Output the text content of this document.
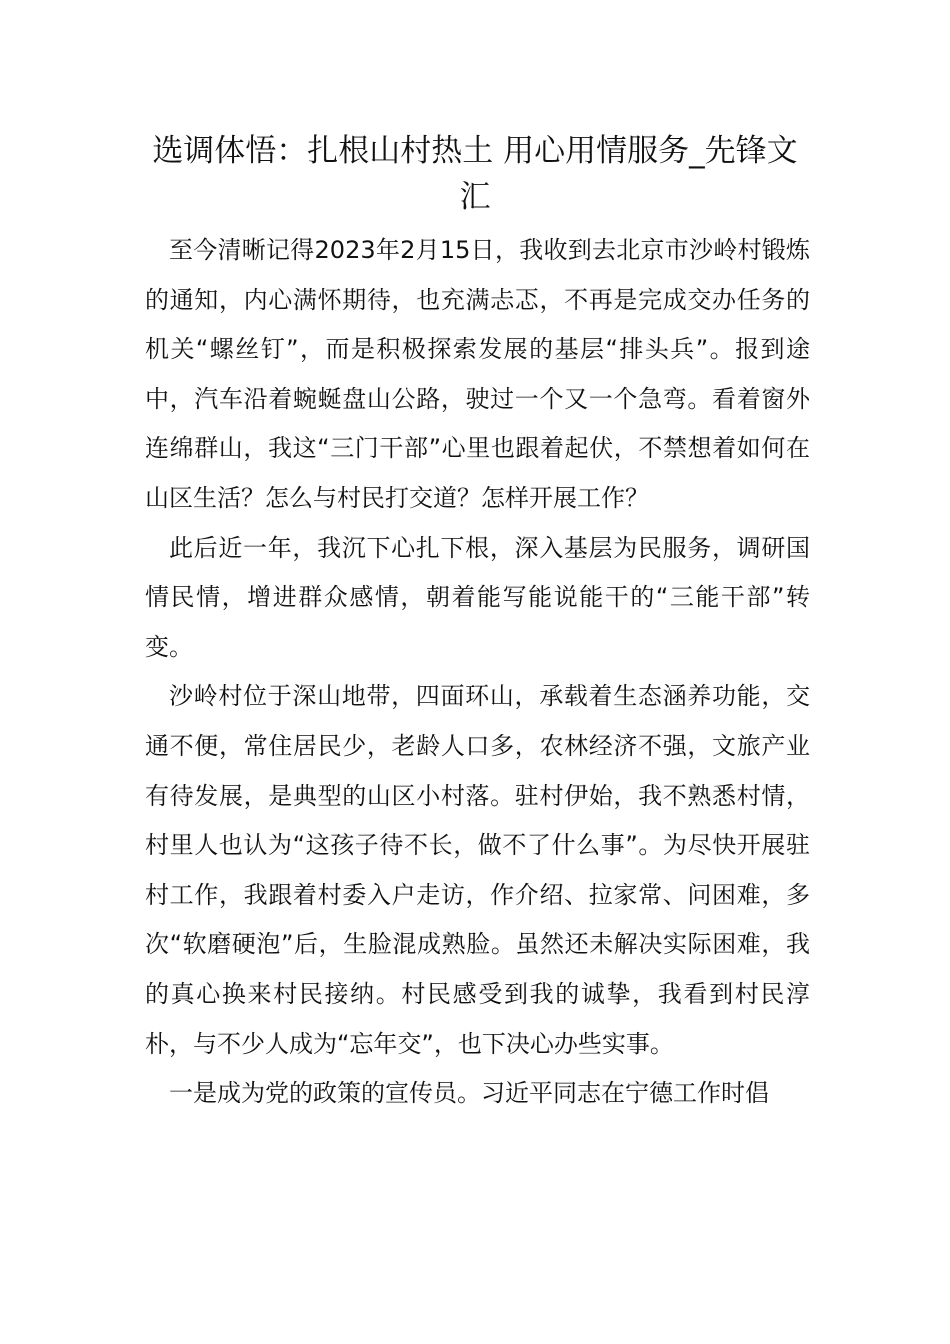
选调体悟：扎根山村热土 用心用情服务_先锋文汇

至今清晰记得2023年2月15日，我收到去北京市沙岭村锻炼的通知，内心满怀期待，也充满忐忑，不再是完成交办任务的机关“螺丝钉”，而是积极探索发展的基层“排头兵”。报到途中，汽车沿着蜿蜒盘山公路，驶过一个又一个急弯。看着窗外连绵群山，我这“三门干部”心里也跟着起伏，不禁想着如何在山区生活？怎么与村民打交道？怎样开展工作？

此后近一年，我沉下心扎下根，深入基层为民服务，调研国情民情，增进群众感情，朝着能写能说能干的“三能干部”转变。

沙岭村位于深山地带，四面环山，承载着生态涵养功能，交通不便，常住居民少，老龄人口多，农林经济不强，文旅产业有待发展，是典型的山区小村落。驻村伊始，我不熟悉村情，村里人也认为“这孩子待不长，做不了什么事”。为尽快开展驻村工作，我跟着村委入户走访，作介绍、拉家常、问困难，多次“软磨硬泡”后，生脸混成熟脸。虽然还未解决实际困难，我的真心换来村民接纳。村民感受到我的诚挚，我看到村民淳朴，与不少人成为“忘年交”，也下决心办些实事。

一是成为党的政策的宣传员。习近平同志在宁德工作时倡
